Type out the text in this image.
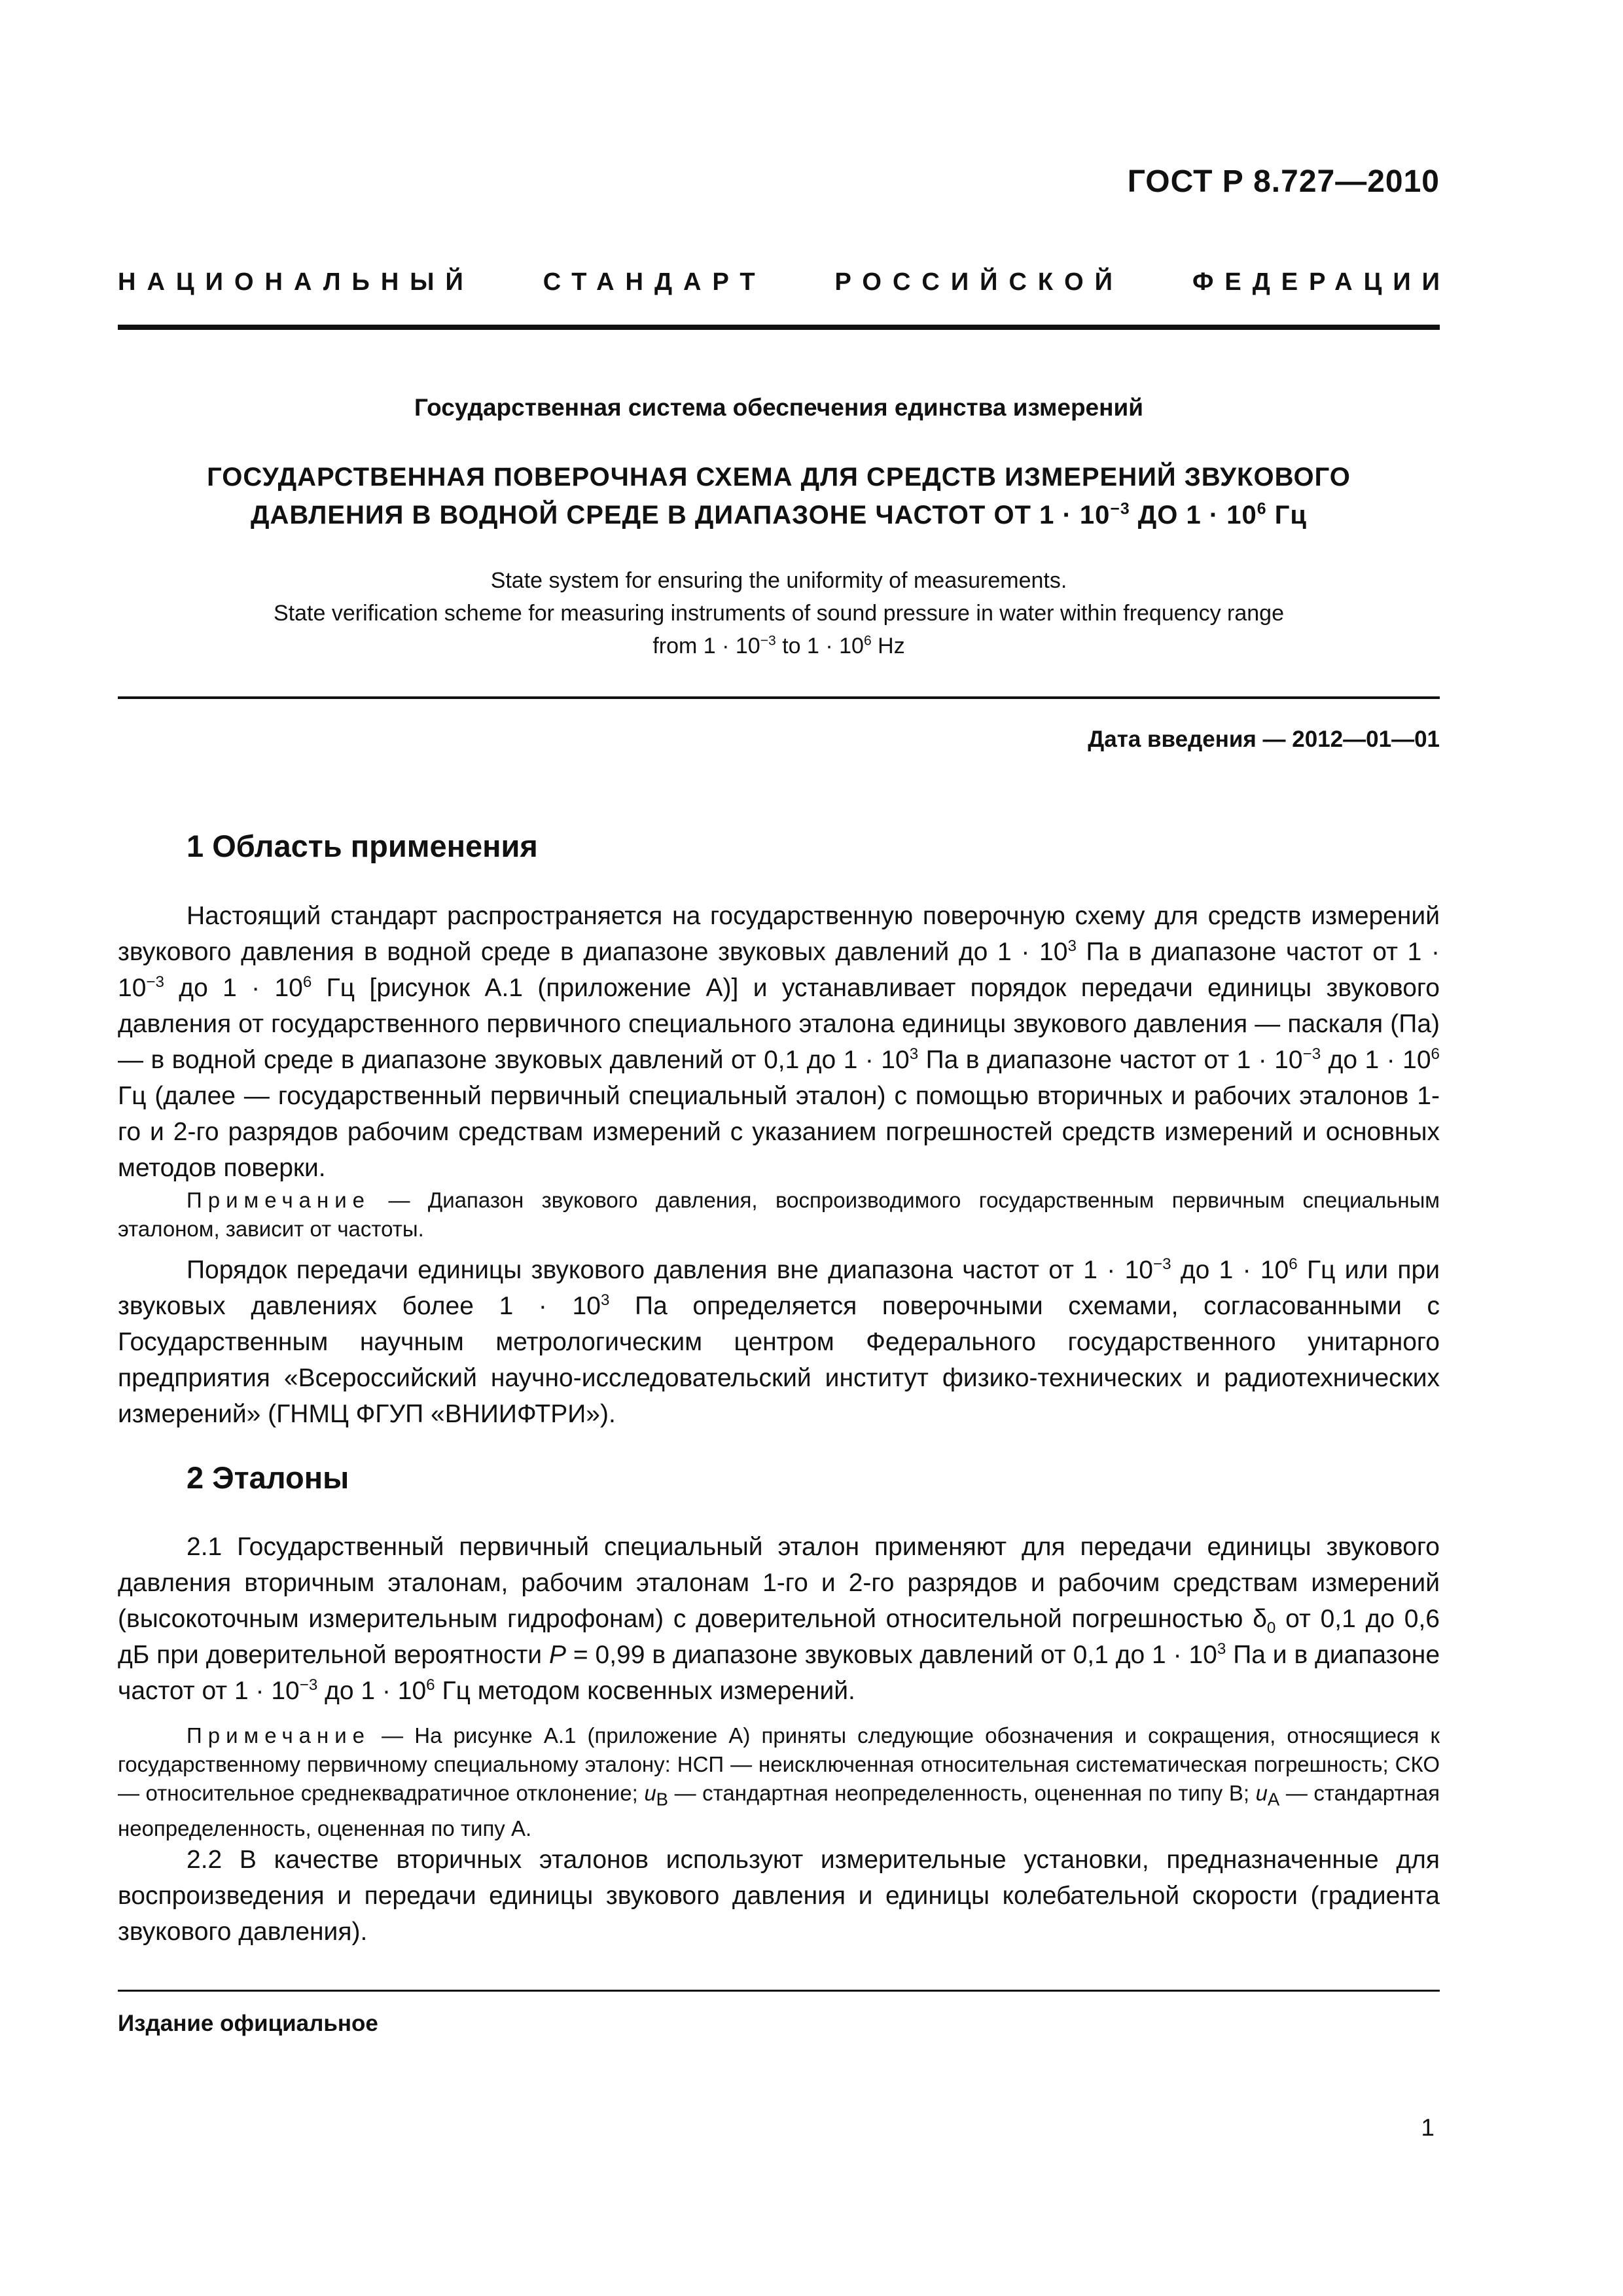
ГОСТ Р 8.727—2010
НАЦИОНАЛЬНЫЙ	СТАНДАРТ	РОССИЙСКОЙ	ФЕДЕРАЦИИ
Государственная система обеспечения единства измерений
ГОСУДАРСТВЕННАЯ ПОВЕРОЧНАЯ СХЕМА ДЛЯ СРЕДСТВ ИЗМЕРЕНИЙ ЗВУКОВОГО
ДАВЛЕНИЯ В ВОДНОЙ СРЕДЕ В ДИАПАЗОНЕ ЧАСТОТ ОТ $1 \cdot 10^{-3}$ ДО $1 \cdot 10^6$ Гц
State system for ensuring the uniformity of measurements.
State verification scheme for measuring instruments of sound pressure in water within frequency range
from $1 \cdot 10^{-3}$ to $1 \cdot 10^6$ Hz
Дата введения — 2012—01—01
1 Область применения

Настоящий стандарт распространяется на государственную поверочную схему для средств измерений звукового давления в водной среде в диапазоне звуковых давлений до $1 \cdot 10^3$ Па в диапазоне частот от $1 \cdot 10^{-3}$ до $1 \cdot 10^6$ Гц [рисунок А.1 (приложение А)] и устанавливает порядок передачи единицы звукового давления от государственного первичного специального эталона единицы звукового давления — паскаля (Па) — в водной среде в диапазоне звуковых давлений от 0,1 до $1 \cdot 10^3$ Па в диапазоне частот от $1 \cdot 10^{-3}$ до $1 \cdot 10^6$ Гц (далее — государственный первичный специальный эталон) с помощью вторичных и рабочих эталонов 1-го и 2-го разрядов рабочим средствам измерений с указанием погрешностей средств измерений и основных методов поверки.

Примечание — Диапазон звукового давления, воспроизводимого государственным первичным специальным эталоном, зависит от частоты.

Порядок передачи единицы звукового давления вне диапазона частот от $1 \cdot 10^{-3}$ до $1 \cdot 10^6$ Гц или при звуковых давлениях более $1 \cdot 10^3$ Па определяется поверочными схемами, согласованными с Государственным научным метрологическим центром Федерального государственного унитарного предприятия «Всероссийский научно-исследовательский институт физико-технических и радиотехнических измерений» (ГНМЦ ФГУП «ВНИИФТРИ»).

2 Эталоны

2.1 Государственный первичный специальный эталон применяют для передачи единицы звукового давления вторичным эталонам, рабочим эталонам 1-го и 2-го разрядов и рабочим средствам измерений (высокоточным измерительным гидрофонам) с доверительной относительной погрешностью $\delta_0$ от 0,1 до 0,6 дБ при доверительной вероятности P = 0,99 в диапазоне звуковых давлений от 0,1 до $1 \cdot 10^3$ Па и в диапазоне частот от $1 \cdot 10^{-3}$ до $1 \cdot 10^6$ Гц методом косвенных измерений.

Примечание — На рисунке А.1 (приложение А) приняты следующие обозначения и сокращения, относящиеся к государственному первичному специальному эталону: НСП — неисключенная относительная систематическая погрешность; СКО — относительное среднеквадратичное отклонение; $u_B$ — стандартная неопределенность, оцененная по типу B; $u_A$ — стандартная неопределенность, оцененная по типу А.

2.2 В качестве вторичных эталонов используют измерительные установки, предназначенные для воспроизведения и передачи единицы звукового давления и единицы колебательной скорости (градиента звукового давления).

Издание официальное
1
